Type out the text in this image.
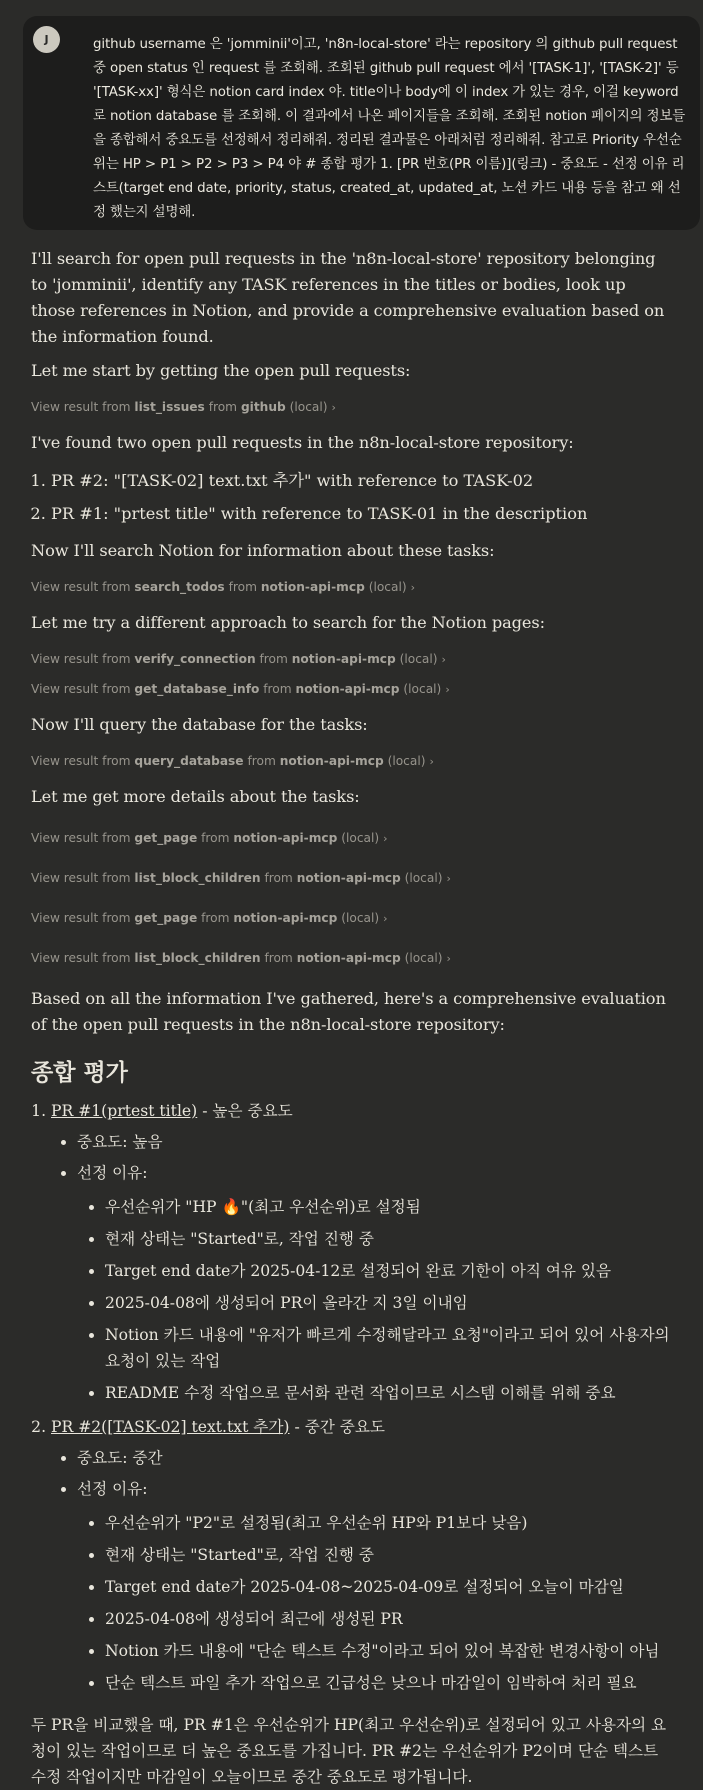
J	github username 은 'jomminii'이고, 'n8n-local-store' 라는 repository 의 github pull request 중 open status 인 request 를 조회해. 조회된 github pull request 에서 '[TASK-1]', '[TASK-2]' 등 '[TASK-xx]' 형식은 notion card index 야. title이나 body에 이 index 가 있는 경우, 이걸 keyword 로 notion database 를 조회해. 이 결과에서 나온 페이지들을 조회해. 조회된 notion 페이지의 정보들을 종합해서 중요도를 선정해서 정리해줘. 정리된 결과물은 아래처럼 정리해줘. 참고로 Priority 우선순위는 HP > P1 > P2 > P3 > P4 야 # 종합 평가 1. [PR 번호(PR 이름)](링크) - 중요도 - 선정 이유 리스트(target end date, priority, status, created_at, updated_at, 노션 카드 내용 등을 참고 왜 선정 했는지 설명해.
I'll search for open pull requests in the 'n8n-local-store' repository belonging to 'jomminii', identify any TASK references in the titles or bodies, look up those references in Notion, and provide a comprehensive evaluation based on the information found.
Let me start by getting the open pull requests:
View result from list_issues from github (local) ›
I've found two open pull requests in the n8n-local-store repository:
1. PR #2: "[TASK-02] text.txt 추가" with reference to TASK-02
2. PR #1: "prtest title" with reference to TASK-01 in the description
Now I'll search Notion for information about these tasks:
View result from search_todos from notion-api-mcp (local) ›
Let me try a different approach to search for the Notion pages:
View result from verify_connection from notion-api-mcp (local) ›
View result from get_database_info from notion-api-mcp (local) ›
Now I'll query the database for the tasks:
View result from query_database from notion-api-mcp (local) ›
Let me get more details about the tasks:
View result from get_page from notion-api-mcp (local) ›
View result from list_block_children from notion-api-mcp (local) ›
View result from get_page from notion-api-mcp (local) ›
View result from list_block_children from notion-api-mcp (local) ›
Based on all the information I've gathered, here's a comprehensive evaluation of the open pull requests in the n8n-local-store repository:
종합 평가
1. PR #1(prtest title) - 높은 중요도
• 중요도: 높음
• 선정 이유:
• 우선순위가 "HP 🔥"(최고 우선순위)로 설정됨
• 현재 상태는 "Started"로, 작업 진행 중
• Target end date가 2025-04-12로 설정되어 완료 기한이 아직 여유 있음
• 2025-04-08에 생성되어 PR이 올라간 지 3일 이내임
• Notion 카드 내용에 "유저가 빠르게 수정해달라고 요청"이라고 되어 있어 사용자의 요청이 있는 작업
• README 수정 작업으로 문서화 관련 작업이므로 시스템 이해를 위해 중요
2. PR #2([TASK-02] text.txt 추가) - 중간 중요도
• 중요도: 중간
• 선정 이유:
• 우선순위가 "P2"로 설정됨(최고 우선순위 HP와 P1보다 낮음)
• 현재 상태는 "Started"로, 작업 진행 중
• Target end date가 2025-04-08~2025-04-09로 설정되어 오늘이 마감일
• 2025-04-08에 생성되어 최근에 생성된 PR
• Notion 카드 내용에 "단순 텍스트 수정"이라고 되어 있어 복잡한 변경사항이 아님
• 단순 텍스트 파일 추가 작업으로 긴급성은 낮으나 마감일이 임박하여 처리 필요
두 PR을 비교했을 때, PR #1은 우선순위가 HP(최고 우선순위)로 설정되어 있고 사용자의 요청이 있는 작업이므로 더 높은 중요도를 가집니다. PR #2는 우선순위가 P2이며 단순 텍스트 수정 작업이지만 마감일이 오늘이므로 중간 중요도로 평가됩니다.
